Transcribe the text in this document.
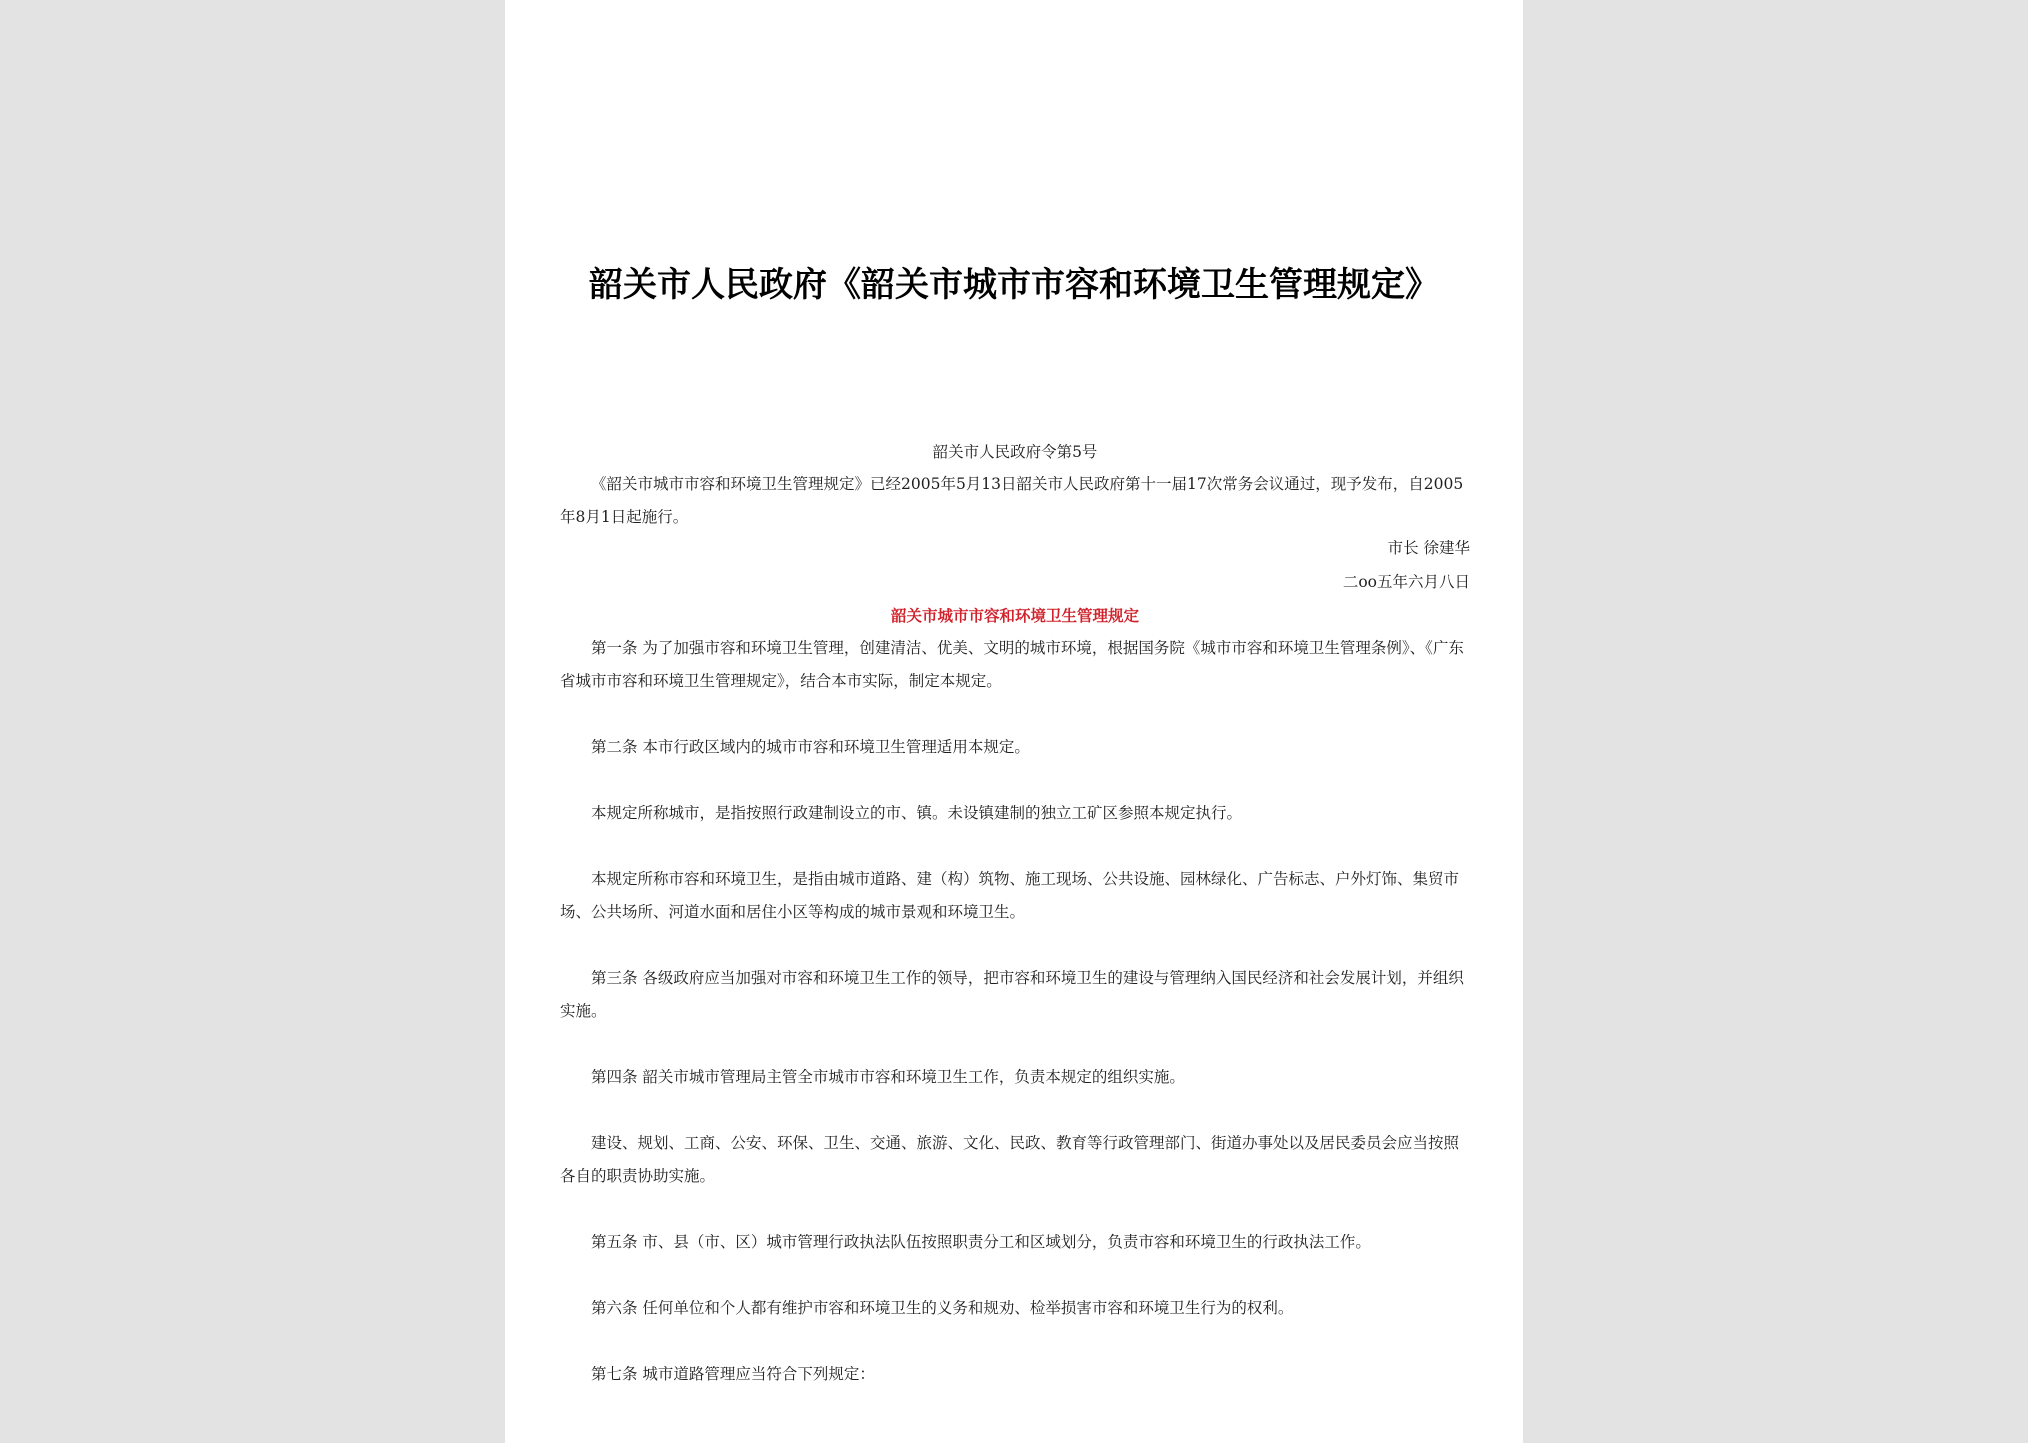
韶关市人民政府《韶关市城市市容和环境卫生管理规定》

韶关市人民政府令第5号

《韶关市城市市容和环境卫生管理规定》已经2005年5月13日韶关市人民政府第十一届17次常务会议通过，现予发布，自2005年8月1日起施行。

市长 徐建华

二oo五年六月八日

韶关市城市市容和环境卫生管理规定

第一条 为了加强市容和环境卫生管理，创建清洁、优美、文明的城市环境，根据国务院《城市市容和环境卫生管理条例》、《广东省城市市容和环境卫生管理规定》，结合本市实际，制定本规定。

第二条 本市行政区域内的城市市容和环境卫生管理适用本规定。

本规定所称城市，是指按照行政建制设立的市、镇。未设镇建制的独立工矿区参照本规定执行。

本规定所称市容和环境卫生，是指由城市道路、建（构）筑物、施工现场、公共设施、园林绿化、广告标志、户外灯饰、集贸市场、公共场所、河道水面和居住小区等构成的城市景观和环境卫生。

第三条 各级政府应当加强对市容和环境卫生工作的领导，把市容和环境卫生的建设与管理纳入国民经济和社会发展计划，并组织实施。

第四条 韶关市城市管理局主管全市城市市容和环境卫生工作，负责本规定的组织实施。

建设、规划、工商、公安、环保、卫生、交通、旅游、文化、民政、教育等行政管理部门、街道办事处以及居民委员会应当按照各自的职责协助实施。

第五条 市、县（市、区）城市管理行政执法队伍按照职责分工和区域划分，负责市容和环境卫生的行政执法工作。

第六条 任何单位和个人都有维护市容和环境卫生的义务和规劝、检举损害市容和环境卫生行为的权利。

第七条 城市道路管理应当符合下列规定：
